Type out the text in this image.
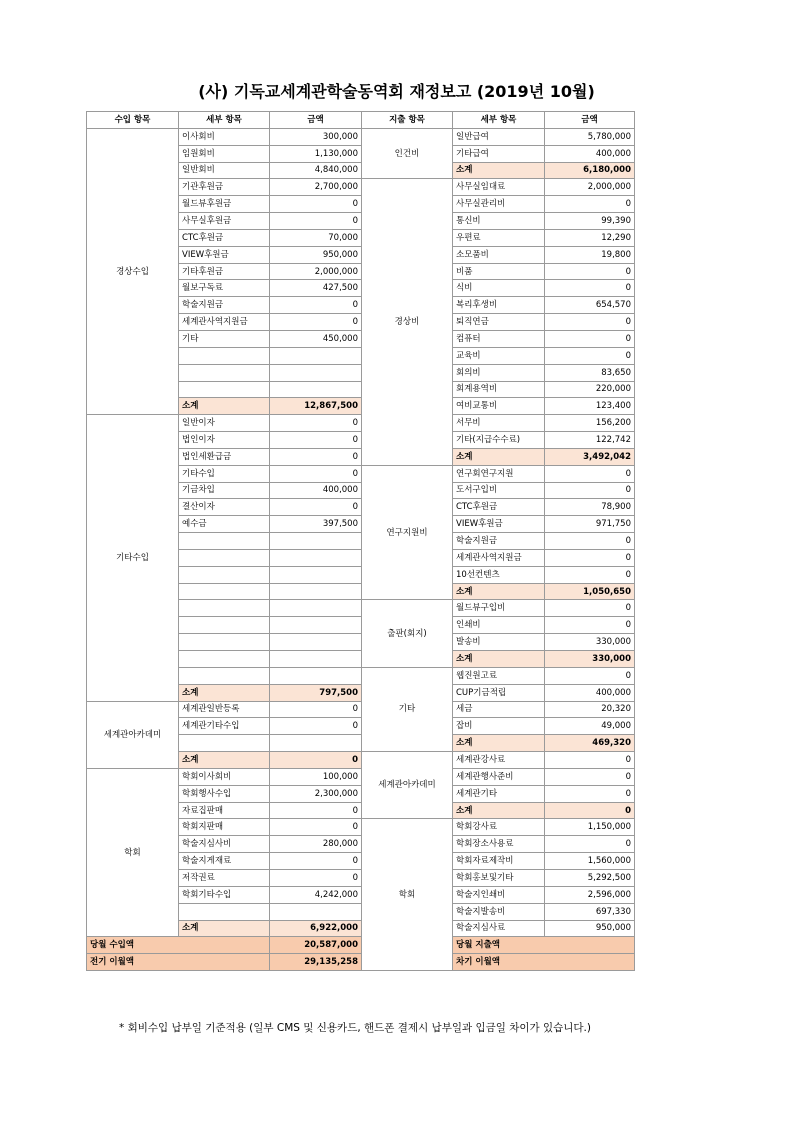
(사) 기독교세계관학술동역회 재정보고 (2019년 10월)
수입 항목	세부 항목	금액	지출 항목	세부 항목	금액	
경상수입	이사회비	300,000	인건비	일반급여	5,780,000	
	임원회비	1,130,000		기타급여	400,000	
	일반회비	4,840,000		소계	6,180,000	
	기관후원금	2,700,000	경상비	사무실임대료	2,000,000	
	월드뷰후원금	0		사무실관리비	0	
	사무실후원금	0		통신비	99,390	
	CTC후원금	70,000		우편료	12,290	
	VIEW후원금	950,000		소모품비	19,800	
	기타후원금	2,000,000		비품	0	
	월보구독료	427,500		식비	0	
	학술지원금	0		복리후생비	654,570	
	세계관사역지원금	0		퇴직연금	0	
	기타	450,000		컴퓨터	0	
				교육비	0	
				회의비	83,650	
				회계용역비	220,000	
	소계	12,867,500		여비교통비	123,400	
기타수입	일반이자	0		서무비	156,200	
	법인이자	0		기타(지급수수료)	122,742	
	법인세환급금	0		소계	3,492,042	
	기타수입	0	연구지원비	연구회연구지원	0	
	기금차입	400,000		도서구입비	0	
	결산이자	0		CTC후원금	78,900	
	예수금	397,500		VIEW후원금	971,750	
				학술지원금	0	
				세계관사역지원금	0	
				10선컨텐츠	0	
				소계	1,050,650	
			출판(회지)	월드뷰구입비	0	
				인쇄비	0	
				발송비	330,000	
				소계	330,000	
			기타	웹진원고료	0	
	소계	797,500		CUP기금적립	400,000	
세계관아카데미	세계관일반등록	0		세금	20,320	
	세계관기타수입	0		잡비	49,000	
				소계	469,320	
	소계	0	세계관아카데미	세계관강사료	0	
학회	학회이사회비	100,000		세계관행사준비	0	
	학회행사수입	2,300,000		세계관기타	0	
	자료집판매	0		소계	0	
	학회지판매	0	학회	학회강사료	1,150,000	
	학술지심사비	280,000		학회장소사용료	0	
	학술지게재료	0		학회자료제작비	1,560,000	
	저작권료	0		학회홍보및기타	5,292,500	
	학회기타수입	4,242,000		학술지인쇄비	2,596,000	
				학술지발송비	697,330	
	소계	6,922,000		학술지심사료	950,000	
당월 수입액		20,587,000		당월 지출액		
전기 이월액		29,135,258		차기 이월액		
* 회비수입 납부일 기준적용 (일부 CMS 및 신용카드, 핸드폰 결제시 납부일과 입금일 차이가 있습니다.)
